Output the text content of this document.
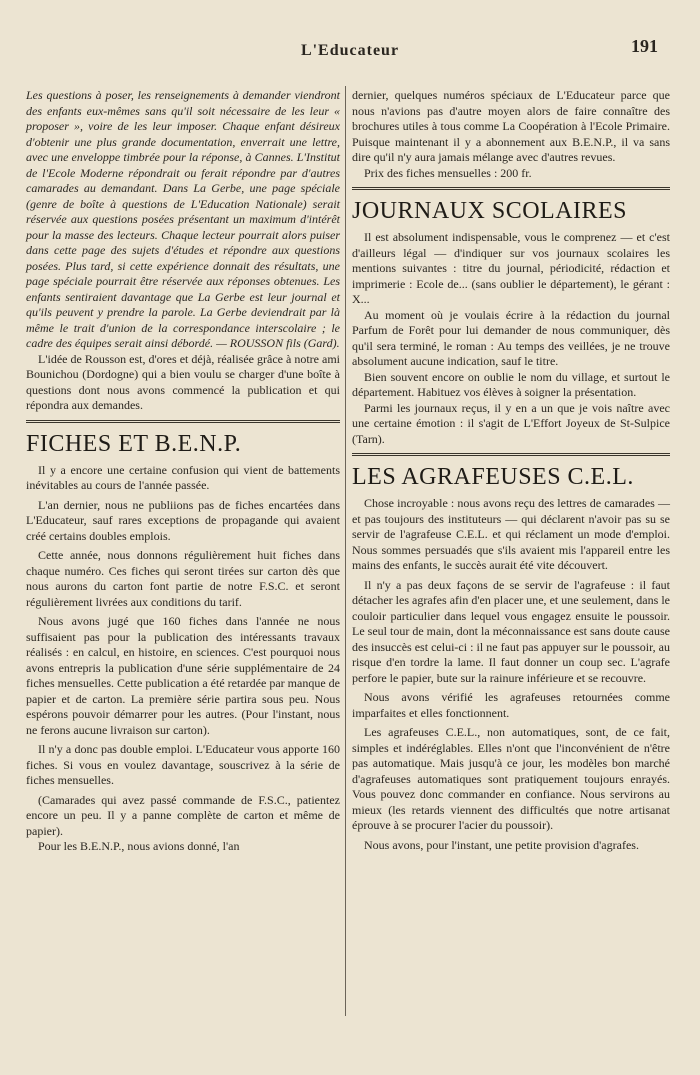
L'Educateur	191

Les questions à poser, les renseignements à demander viendront des enfants eux-mêmes sans qu'il soit nécessaire de les leur « proposer », voire de les leur imposer. Chaque enfant désireux d'obtenir une plus grande documentation, enverrait une lettre, avec une enveloppe timbrée pour la réponse, à Cannes. L'Institut de l'Ecole Moderne répondrait ou ferait répondre par d'autres camarades au demandant. Dans La Gerbe, une page spéciale (genre de boîte à questions de L'Education Nationale) serait réservée aux questions posées présentant un maximum d'intérêt pour la masse des lecteurs. Chaque lecteur pourrait alors puiser dans cette page des sujets d'études et répondre aux questions posées. Plus tard, si cette expérience donnait des résultats, une page spéciale pourrait être réservée aux réponses obtenues. Les enfants sentiraient davantage que La Gerbe est leur journal et qu'ils peuvent y prendre la parole. La Gerbe deviendrait par là même le trait d'union de la correspondance interscolaire ; le cadre des équipes serait ainsi débordé. — ROUSSON fils (Gard).

L'idée de Rousson est, d'ores et déjà, réalisée grâce à notre ami Bounichou (Dordogne) qui a bien voulu se charger d'une boîte à questions dont nous avons commencé la publication et qui répondra aux demandes.

FICHES ET B.E.N.P.

Il y a encore une certaine confusion qui vient de battements inévitables au cours de l'année passée.

L'an dernier, nous ne publiions pas de fiches encartées dans L'Educateur, sauf rares exceptions de propagande qui avaient créé certains doubles emplois.

Cette année, nous donnons régulièrement huit fiches dans chaque numéro. Ces fiches qui seront tirées sur carton dès que nous aurons du carton font partie de notre F.S.C. et seront régulièrement livrées aux conditions du tarif.

Nous avons jugé que 160 fiches dans l'année ne nous suffisaient pas pour la publication des intéressants travaux réalisés : en calcul, en histoire, en sciences. C'est pourquoi nous avons entrepris la publication d'une série supplémentaire de 24 fiches mensuelles. Cette publication a été retardée par manque de papier et de carton. La première série partira sous peu. Nous espérons pouvoir démarrer pour les autres. (Pour l'instant, nous ne ferons aucune livraison sur carton).

Il n'y a donc pas double emploi. L'Educateur vous apporte 160 fiches. Si vous en voulez davantage, souscrivez à la série de fiches mensuelles.

(Camarades qui avez passé commande de F.S.C., patientez encore un peu. Il y a panne complète de carton et même de papier).

Pour les B.E.N.P., nous avions donné, l'an

dernier, quelques numéros spéciaux de L'Educateur parce que nous n'avions pas d'autre moyen alors de faire connaître des brochures utiles à tous comme La Coopération à l'Ecole Primaire. Puisque maintenant il y a abonnement aux B.E.N.P., il va sans dire qu'il n'y aura jamais mélange avec d'autres revues.

Prix des fiches mensuelles : 200 fr.

JOURNAUX SCOLAIRES

Il est absolument indispensable, vous le comprenez — et c'est d'ailleurs légal — d'indiquer sur vos journaux scolaires les mentions suivantes : titre du journal, périodicité, rédaction et imprimerie : Ecole de... (sans oublier le département), le gérant : X...

Au moment où je voulais écrire à la rédaction du journal Parfum de Forêt pour lui demander de nous communiquer, dès qu'il sera terminé, le roman : Au temps des veillées, je ne trouve absolument aucune indication, sauf le titre.

Bien souvent encore on oublie le nom du village, et surtout le département. Habituez vos élèves à soigner la présentation.

Parmi les journaux reçus, il y en a un que je vois naître avec une certaine émotion : il s'agit de L'Effort Joyeux de St-Sulpice (Tarn).

LES AGRAFEUSES C.E.L.

Chose incroyable : nous avons reçu des lettres de camarades — et pas toujours des instituteurs — qui déclarent n'avoir pas su se servir de l'agrafeuse C.E.L. et qui réclament un mode d'emploi. Nous sommes persuadés que s'ils avaient mis l'appareil entre les mains des enfants, le succès aurait été vite découvert.

Il n'y a pas deux façons de se servir de l'agrafeuse : il faut détacher les agrafes afin d'en placer une, et une seulement, dans le couloir particulier dans lequel vous engagez ensuite le poussoir. Le seul tour de main, dont la méconnaissance est sans doute cause des insuccès est celui-ci : il ne faut pas appuyer sur le poussoir, au risque d'en tordre la lame. Il faut donner un coup sec. L'agrafe perfore le papier, bute sur la rainure inférieure et se recouvre.

Nous avons vérifié les agrafeuses retournées comme imparfaites et elles fonctionnent.

Les agrafeuses C.E.L., non automatiques, sont, de ce fait, simples et indéréglables. Elles n'ont que l'inconvénient de n'être pas automatique. Mais jusqu'à ce jour, les modèles bon marché d'agrafeuses automatiques sont pratiquement toujours enrayés. Vous pouvez donc commander en confiance. Nous servirons au mieux (les retards viennent des difficultés que notre artisanat éprouve à se procurer l'acier du poussoir).

Nous avons, pour l'instant, une petite provision d'agrafes.
